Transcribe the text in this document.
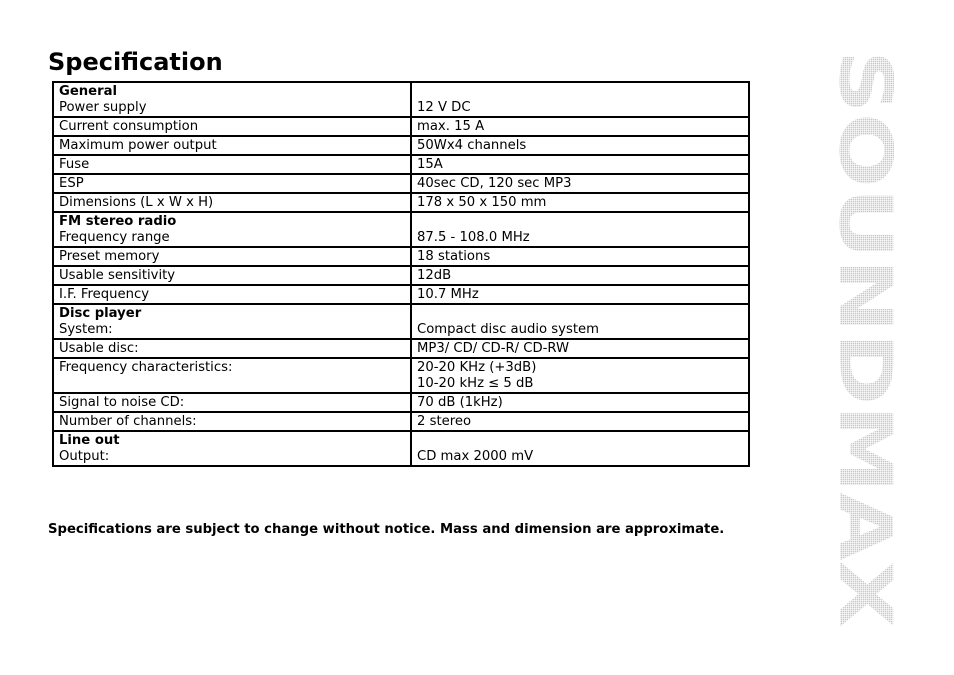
Specification
General
Power supply	12 V DC
Current consumption	max. 15 A
Maximum power output	50Wx4 channels
Fuse	15A
ESP	40sec CD, 120 sec MP3
Dimensions (L x W x H)	178 x 50 x 150 mm

FM stereo radio
Frequency range	87.5 - 108.0 MHz
Preset memory	18 stations
Usable sensitivity	12dB
I.F. Frequency	10.7 MHz

Disc player
System:	Compact disc audio system
Usable disc:	MP3/ CD/ CD-R/ CD-RW
Frequency characteristics:	20-20 KHz (+3dB)
10-20 kHz ≤ 5 dB
Signal to noise CD:	70 dB (1kHz)
Number of channels:	2 stereo

Line out
Output:	CD max 2000 mV
Specifications are subject to change without notice. Mass and dimension are approximate.
SOUNDMAX
